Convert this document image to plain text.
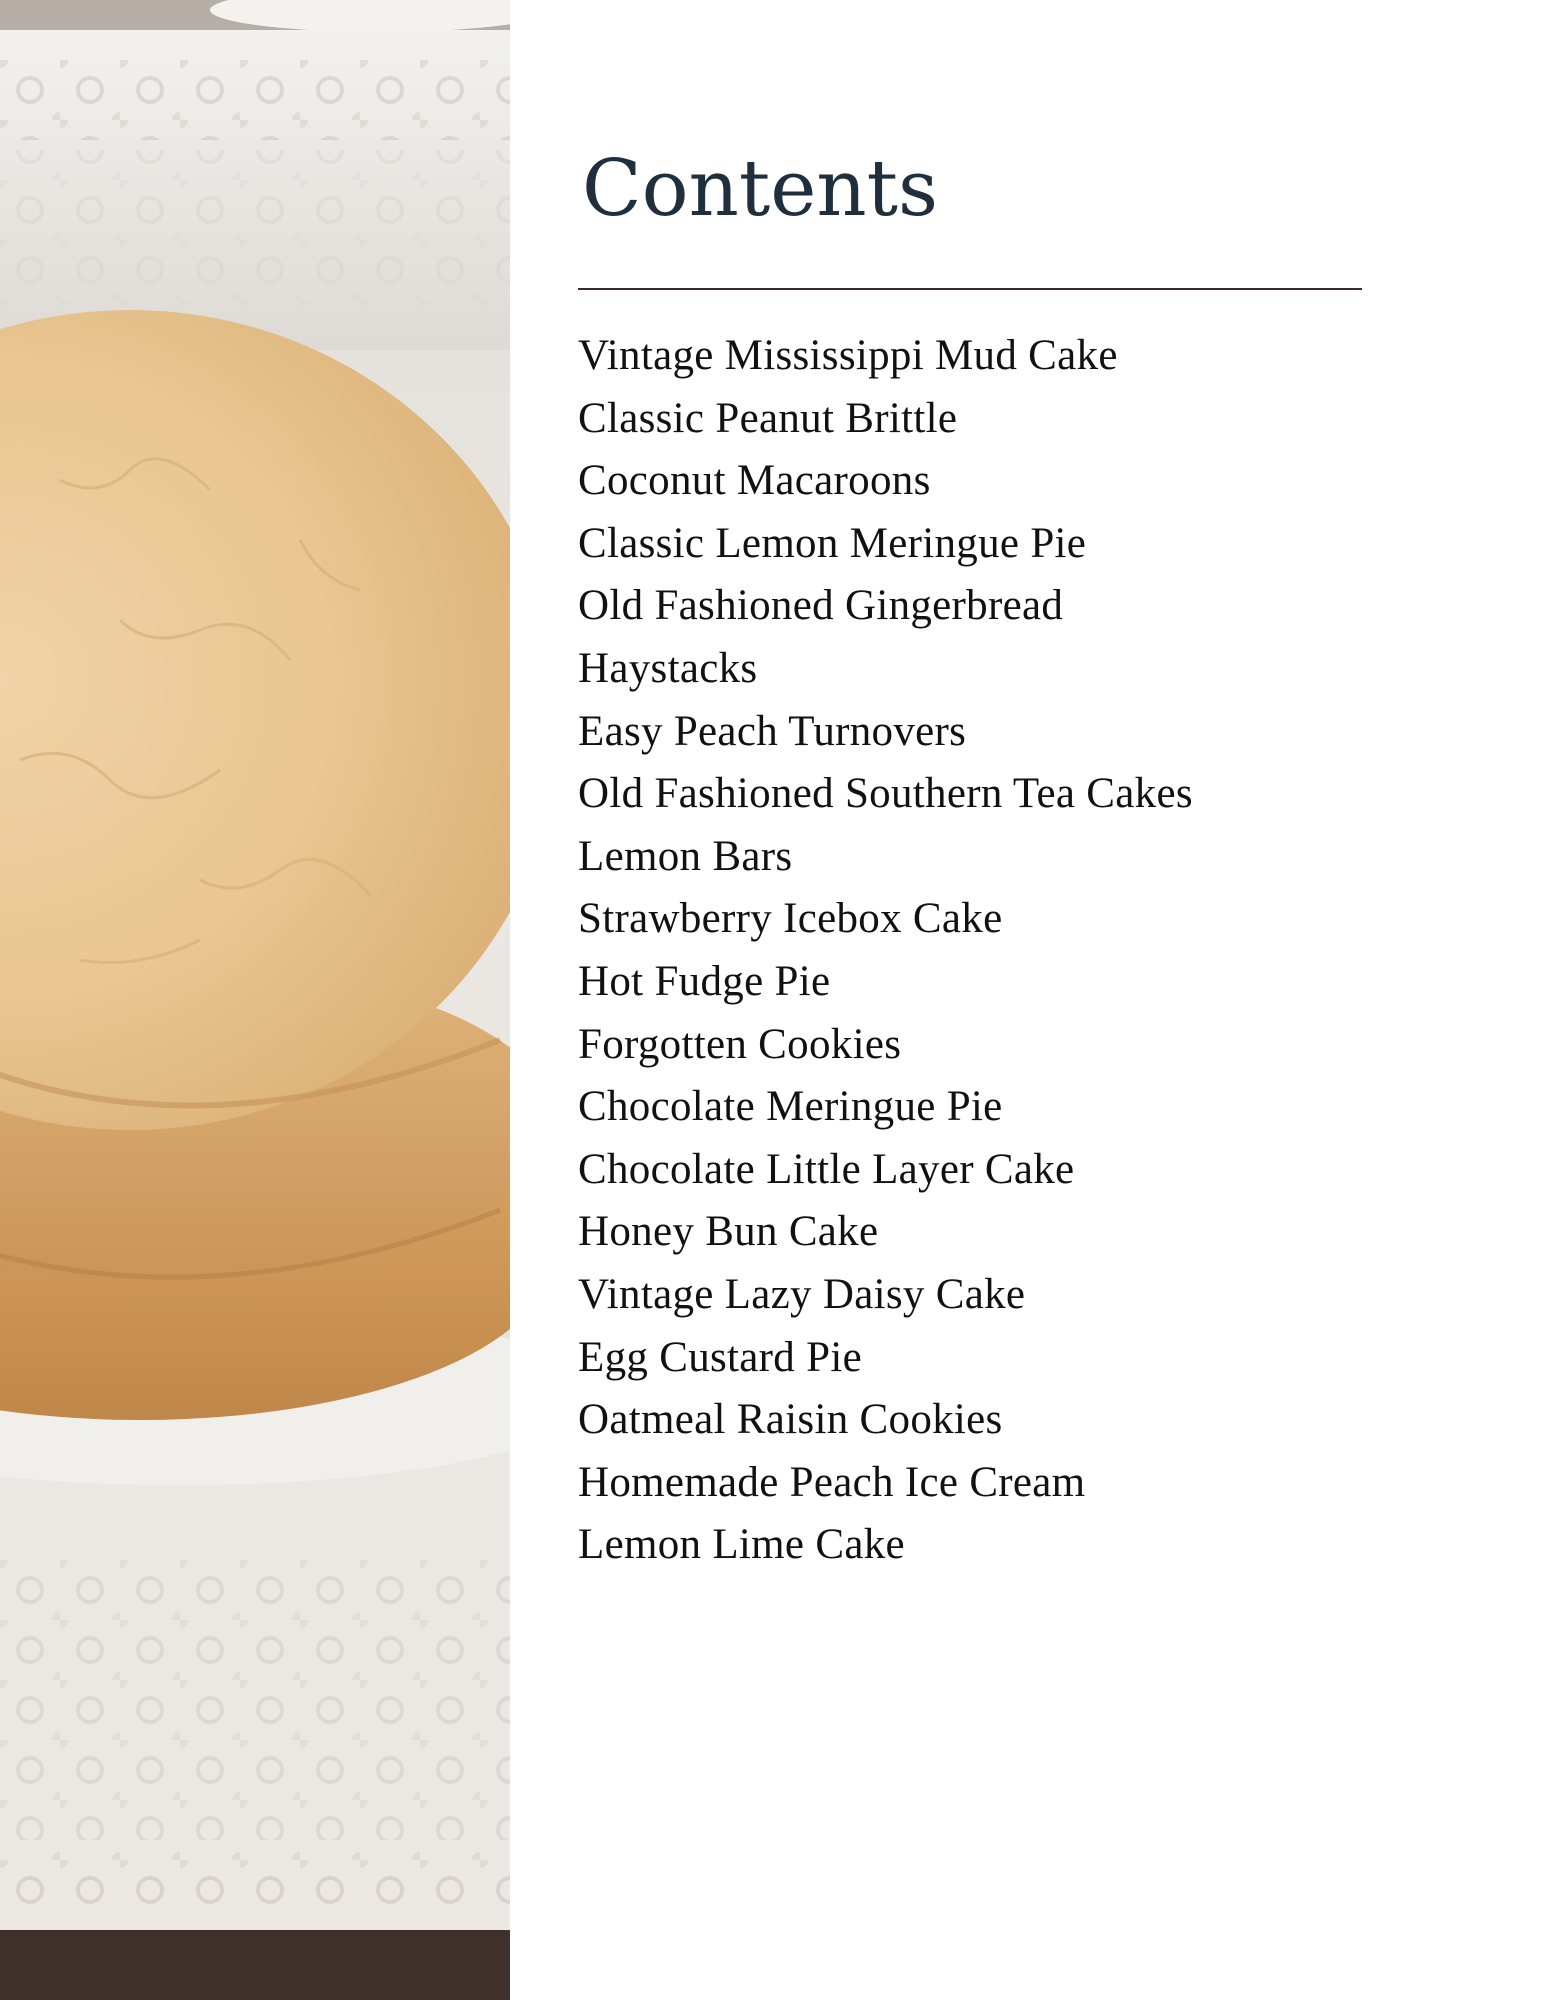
Contents
Vintage Mississippi Mud Cake
Classic Peanut Brittle
Coconut Macaroons
Classic Lemon Meringue Pie
Old Fashioned Gingerbread
Haystacks
Easy Peach Turnovers
Old Fashioned Southern Tea Cakes
Lemon Bars
Strawberry Icebox Cake
Hot Fudge Pie
Forgotten Cookies
Chocolate Meringue Pie
Chocolate Little Layer Cake
Honey Bun Cake
Vintage Lazy Daisy Cake
Egg Custard Pie
Oatmeal Raisin Cookies
Homemade Peach Ice Cream
Lemon Lime Cake
